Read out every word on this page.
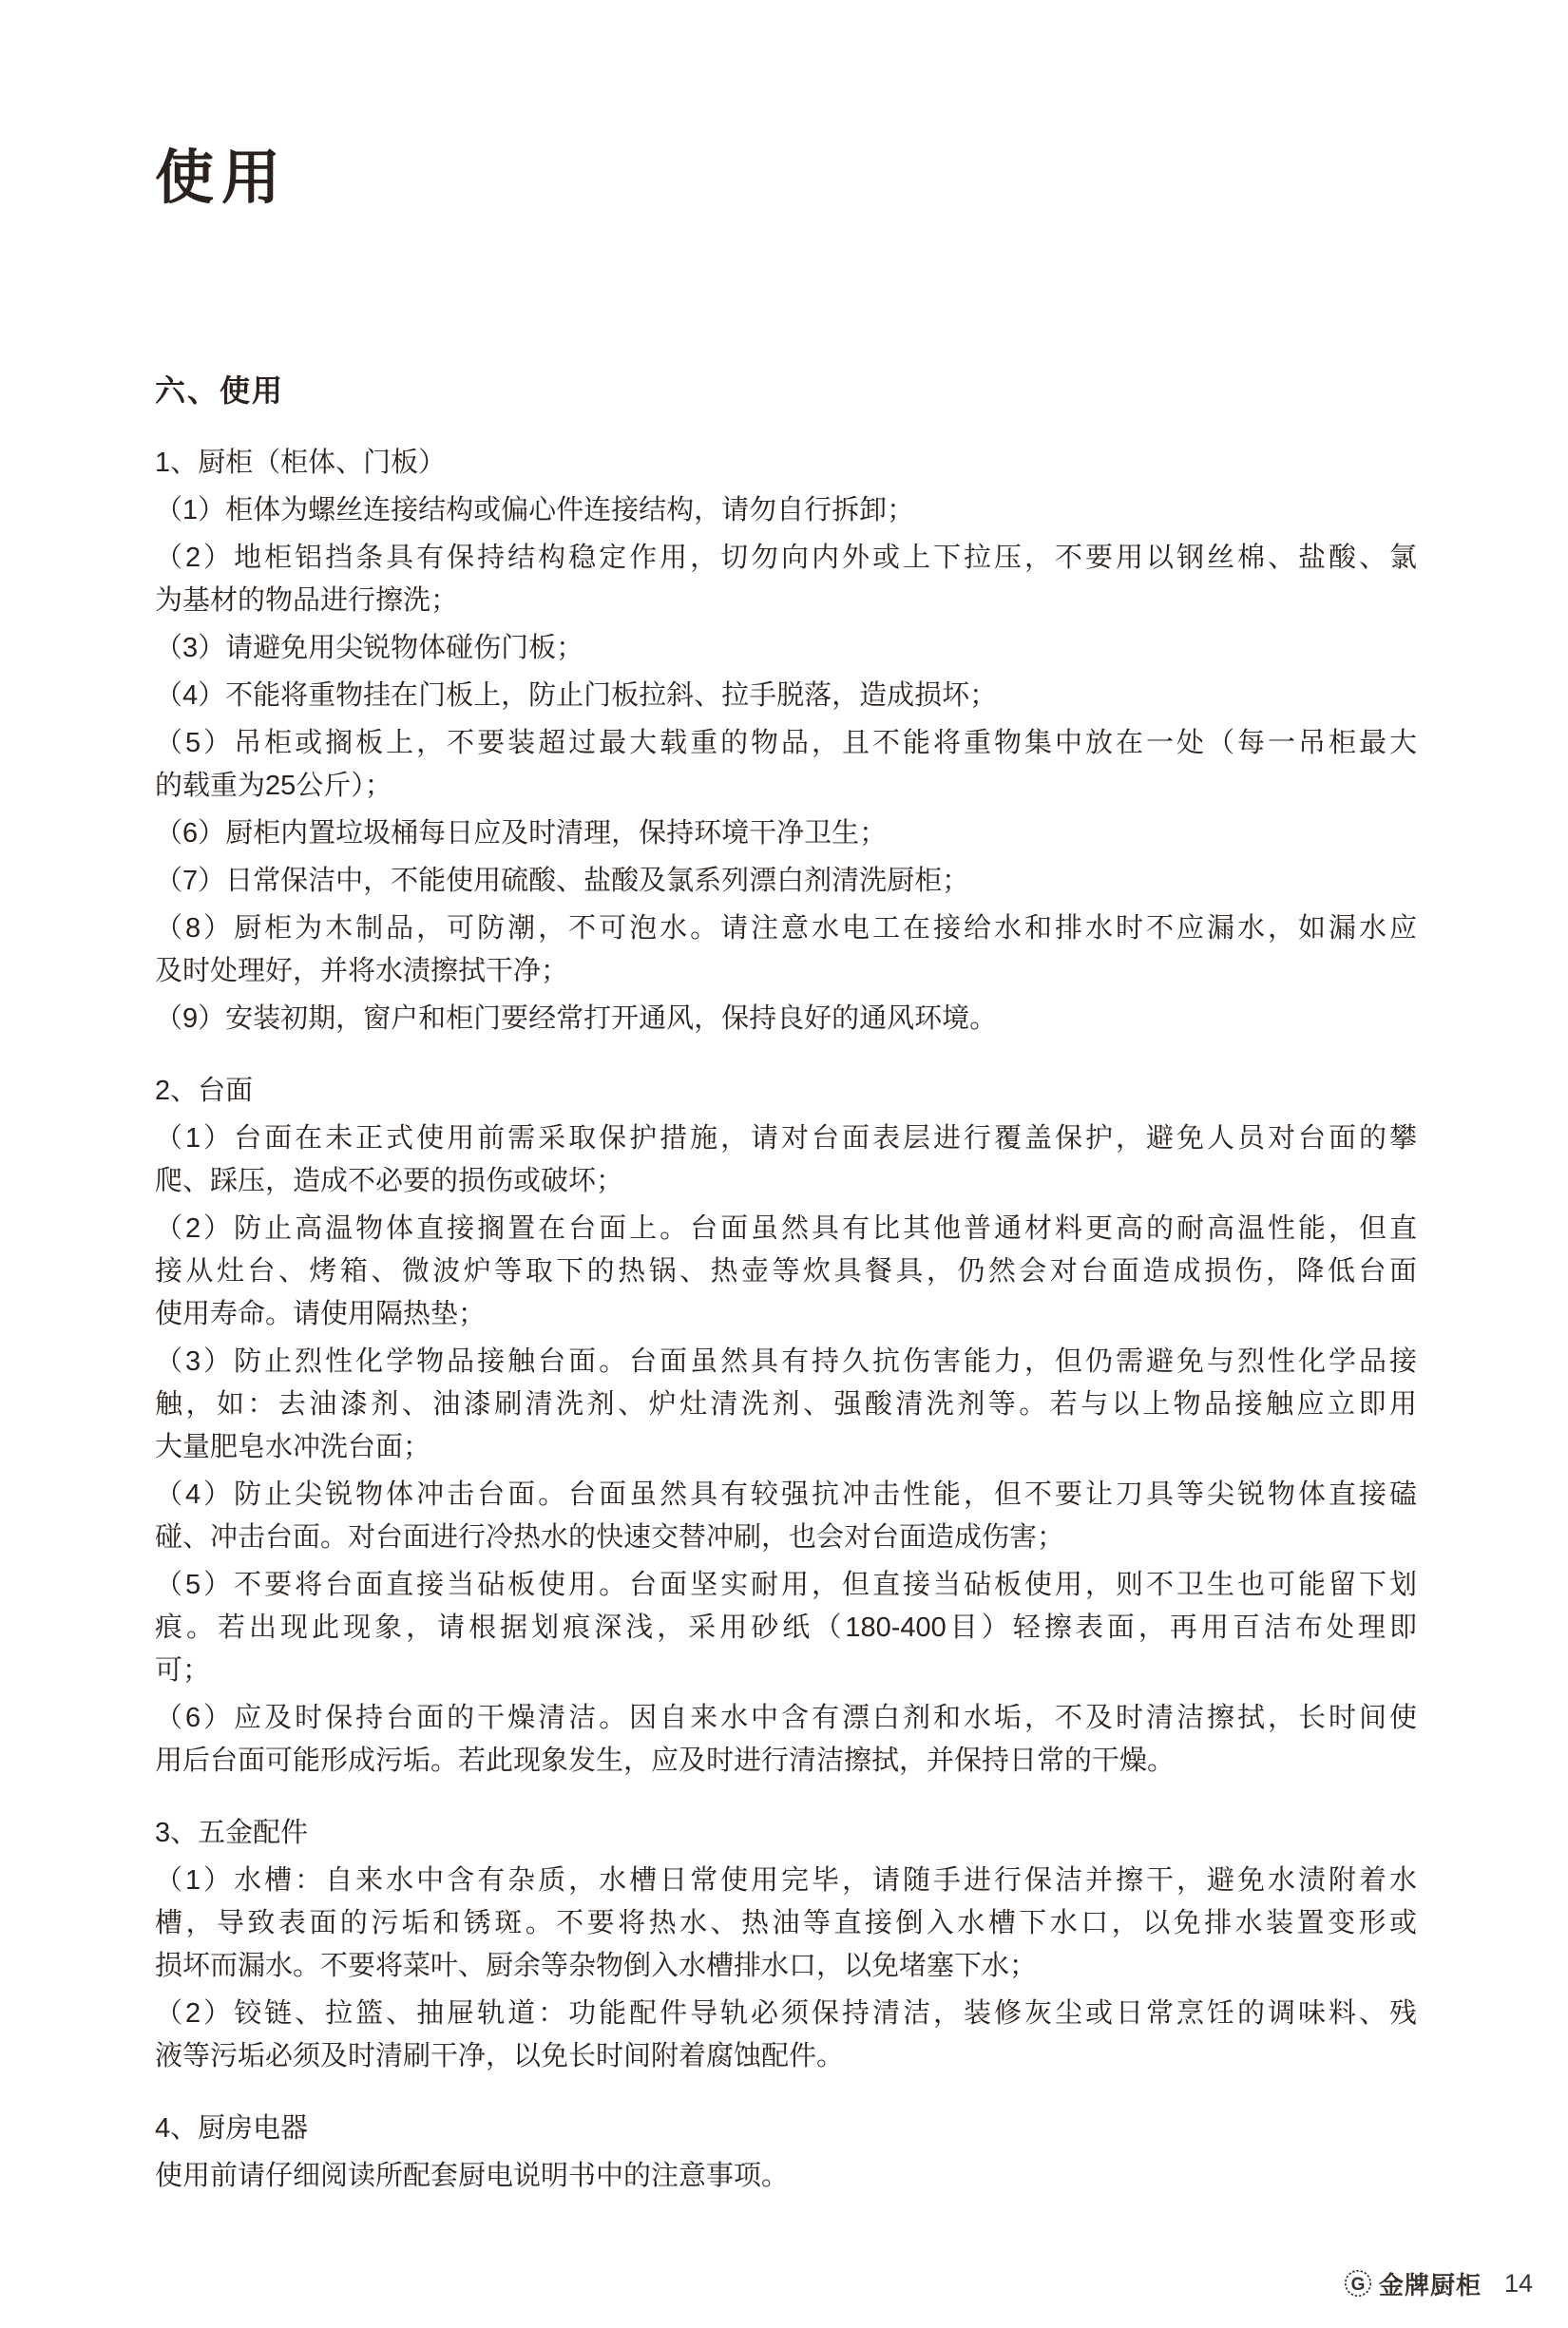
使用
六、使用
1、厨柜（柜体、门板）
（1）柜体为螺丝连接结构或偏心件连接结构，请勿自行拆卸；
（2）地柜铝挡条具有保持结构稳定作用，切勿向内外或上下拉压，不要用以钢丝棉、盐酸、氯
为基材的物品进行擦洗；
（3）请避免用尖锐物体碰伤门板；
（4）不能将重物挂在门板上，防止门板拉斜、拉手脱落，造成损坏；
（5）吊柜或搁板上，不要装超过最大载重的物品，且不能将重物集中放在一处（每一吊柜最大
的载重为25公斤）；
（6）厨柜内置垃圾桶每日应及时清理，保持环境干净卫生；
（7）日常保洁中，不能使用硫酸、盐酸及氯系列漂白剂清洗厨柜；
（8）厨柜为木制品，可防潮，不可泡水。请注意水电工在接给水和排水时不应漏水，如漏水应
及时处理好，并将水渍擦拭干净；
（9）安装初期，窗户和柜门要经常打开通风，保持良好的通风环境。
2、台面
（1）台面在未正式使用前需采取保护措施，请对台面表层进行覆盖保护，避免人员对台面的攀
爬、踩压，造成不必要的损伤或破坏；
（2）防止高温物体直接搁置在台面上。台面虽然具有比其他普通材料更高的耐高温性能，但直
接从灶台、烤箱、微波炉等取下的热锅、热壶等炊具餐具，仍然会对台面造成损伤，降低台面
使用寿命。请使用隔热垫；
（3）防止烈性化学物品接触台面。台面虽然具有持久抗伤害能力，但仍需避免与烈性化学品接
触，如：去油漆剂、油漆刷清洗剂、炉灶清洗剂、强酸清洗剂等。若与以上物品接触应立即用
大量肥皂水冲洗台面；
（4）防止尖锐物体冲击台面。台面虽然具有较强抗冲击性能，但不要让刀具等尖锐物体直接磕
碰、冲击台面。对台面进行冷热水的快速交替冲刷，也会对台面造成伤害；
（5）不要将台面直接当砧板使用。台面坚实耐用，但直接当砧板使用，则不卫生也可能留下划
痕。若出现此现象，请根据划痕深浅，采用砂纸（180-400目）轻擦表面，再用百洁布处理即
可；
（6）应及时保持台面的干燥清洁。因自来水中含有漂白剂和水垢，不及时清洁擦拭，长时间使
用后台面可能形成污垢。若此现象发生，应及时进行清洁擦拭，并保持日常的干燥。
3、五金配件
（1）水槽：自来水中含有杂质，水槽日常使用完毕，请随手进行保洁并擦干，避免水渍附着水
槽，导致表面的污垢和锈斑。不要将热水、热油等直接倒入水槽下水口，以免排水装置变形或
损坏而漏水。不要将菜叶、厨余等杂物倒入水槽排水口，以免堵塞下水；
（2）铰链、拉篮、抽屉轨道：功能配件导轨必须保持清洁，装修灰尘或日常烹饪的调味料、残
液等污垢必须及时清刷干净，以免长时间附着腐蚀配件。
4、厨房电器
使用前请仔细阅读所配套厨电说明书中的注意事项。
G 金牌厨柜 14
